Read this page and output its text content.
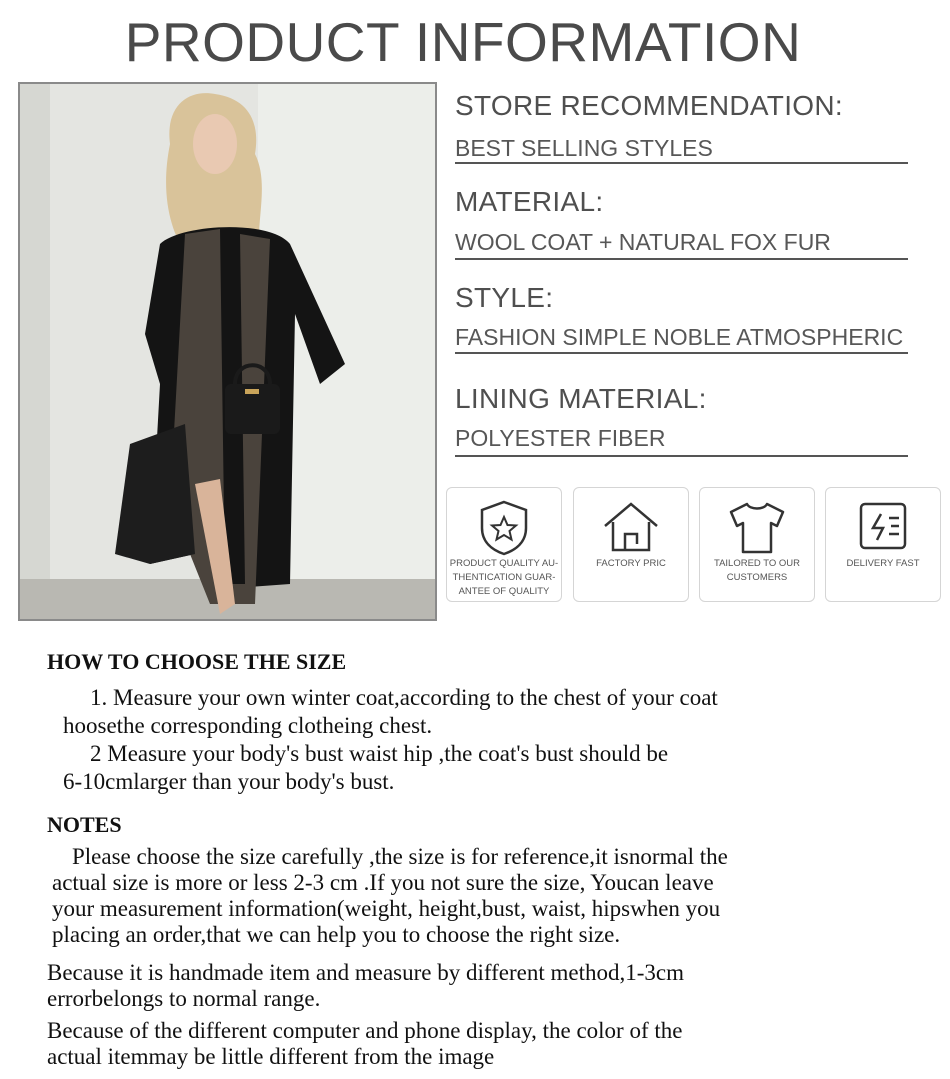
PRODUCT INFORMATION
STORE RECOMMENDATION:
BEST SELLING STYLES
MATERIAL:
WOOL COAT + NATURAL FOX FUR
STYLE:
FASHION SIMPLE NOBLE ATMOSPHERIC
LINING MATERIAL:
POLYESTER FIBER
PRODUCT QUALITY AU-
THENTICATION GUAR-
ANTEE OF QUALITY
FACTORY PRIC	TAILORED TO OUR
CUSTOMERS
DELIVERY FAST
HOW TO CHOOSE THE SIZE
1. Measure your own winter coat,according to the chest of your coat
hoosethe corresponding clotheing chest.
2 Measure your body's bust waist hip ,the coat's bust should be
6-10cmlarger than your body's bust.
NOTES
Please choose the size carefully ,the size is for reference,it isnormal the
actual size is more or less 2-3 cm .If you not sure the size, Youcan leave
your measurement information(weight, height,bust, waist, hipswhen you
placing an order,that we can help you to choose the right size.
Because it is handmade item and measure by different method,1-3cm
errorbelongs to normal range.
Because of the different computer and phone display, the color of the
actual itemmay be little different from the image
